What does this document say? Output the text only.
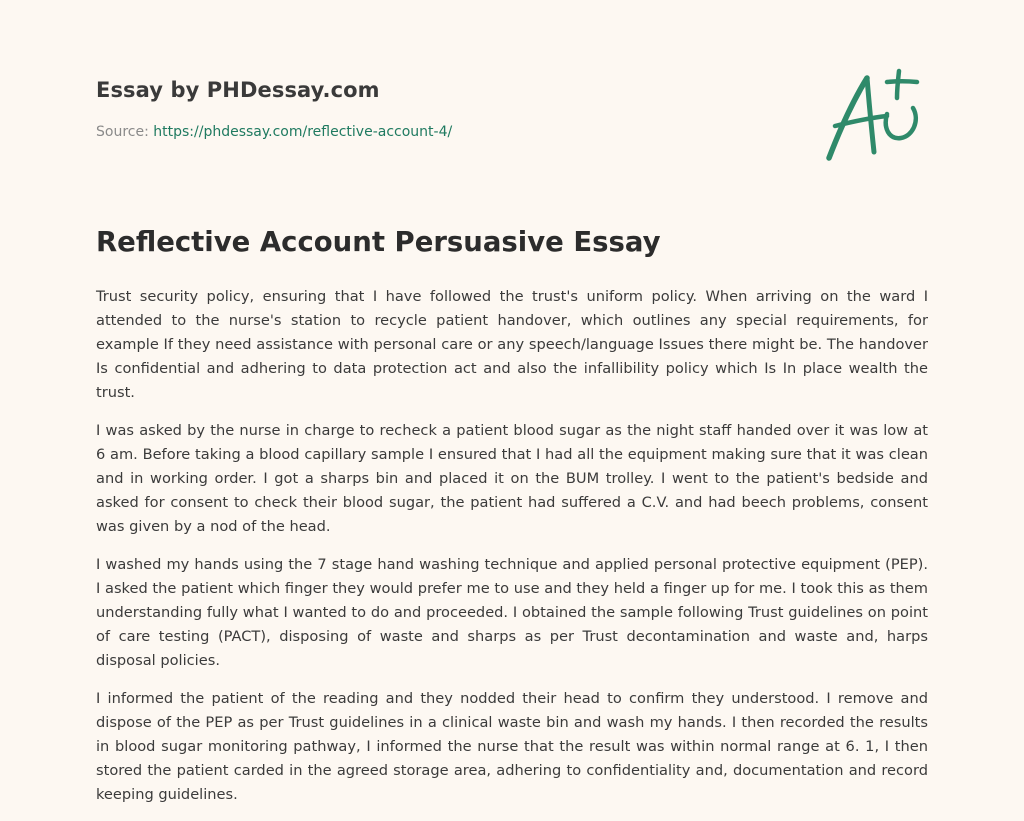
Essay by PHDessay.com
Source: https://phdessay.com/reflective-account-4/
Reflective Account Persuasive Essay

Trust security policy, ensuring that I have followed the trust's uniform policy. When arriving on the ward I attended to the nurse's station to recycle patient handover, which outlines any special requirements, for example If they need assistance with personal care or any speech/language Issues there might be. The handover Is confidential and adhering to data protection act and also the infallibility policy which Is In place wealth the trust.

I was asked by the nurse in charge to recheck a patient blood sugar as the night staff handed over it was low at 6 am. Before taking a blood capillary sample I ensured that I had all the equipment making sure that it was clean and in working order. I got a sharps bin and placed it on the BUM trolley. I went to the patient's bedside and asked for consent to check their blood sugar, the patient had suffered a C.V. and had beech problems, consent was given by a nod of the head.

I washed my hands using the 7 stage hand washing technique and applied personal protective equipment (PEP). I asked the patient which finger they would prefer me to use and they held a finger up for me. I took this as them understanding fully what I wanted to do and proceeded. I obtained the sample following Trust guidelines on point of care testing (PACT), disposing of waste and sharps as per Trust decontamination and waste and, harps disposal policies.

I informed the patient of the reading and they nodded their head to confirm they understood. I remove and dispose of the PEP as per Trust guidelines in a clinical waste bin and wash my hands. I then recorded the results in blood sugar monitoring pathway, I informed the nurse that the result was within normal range at 6. 1, I then stored the patient carded in the agreed storage area, adhering to confidentiality and, documentation and record keeping guidelines.
